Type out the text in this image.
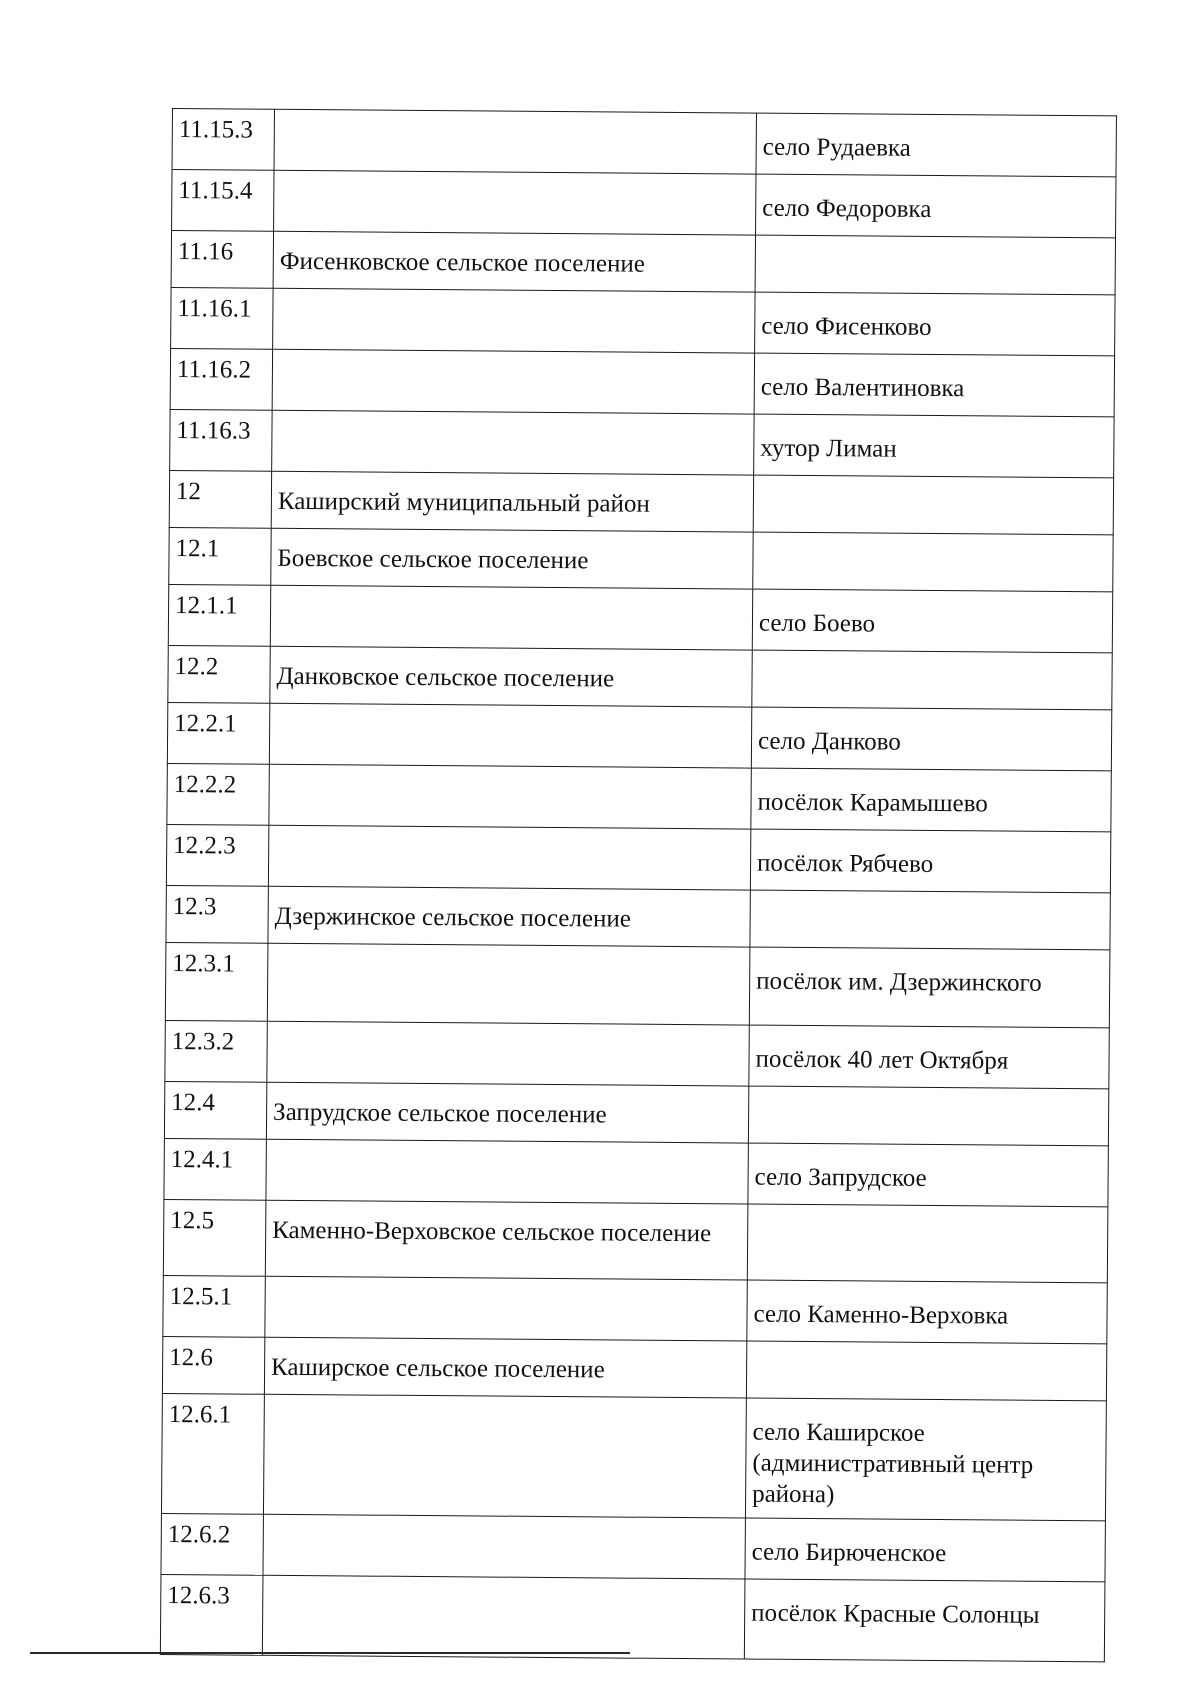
11.15.3		село Рудаевка
11.15.4		село Федоровка
11.16	Фисенковское сельское поселение	
11.16.1		село Фисенково
11.16.2		село Валентиновка
11.16.3		хутор Лиман
12	Каширский муниципальный район	
12.1	Боевское сельское поселение	
12.1.1		село Боево
12.2	Данковское сельское поселение	
12.2.1		село Данково
12.2.2		посёлок Карамышево
12.2.3		посёлок Рябчево
12.3	Дзержинское сельское поселение	
12.3.1		посёлок им. Дзержинского
12.3.2		посёлок 40 лет Октября
12.4	Запрудское сельское поселение	
12.4.1		село Запрудское
12.5	Каменно-Верховское сельское поселение	
12.5.1		село Каменно-Верховка
12.6	Каширское сельское поселение	
12.6.1		село Каширское (административный центр района)
12.6.2		село Бирюченское
12.6.3		посёлок Красные Солонцы
